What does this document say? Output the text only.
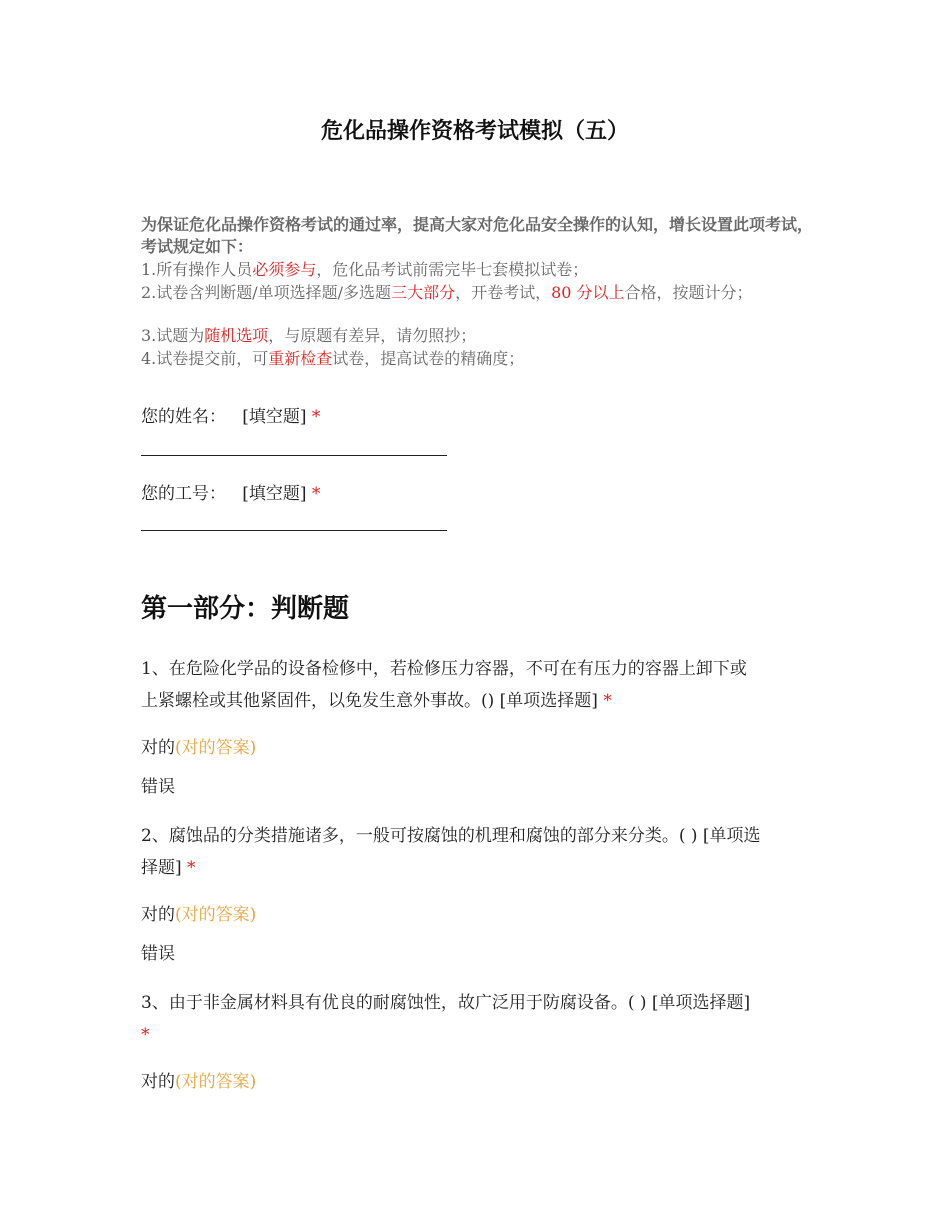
危化品操作资格考试模拟（五）
为保证危化品操作资格考试的通过率，提高大家对危化品安全操作的认知，增长设置此项考试，考试规定如下：
1.所有操作人员必须参与，危化品考试前需完毕七套模拟试卷；
2.试卷含判断题/单项选择题/多选题三大部分，开卷考试，80 分以上合格，按题计分；
3.试题为随机选项，与原题有差异，请勿照抄；
4.试卷提交前，可重新检查试卷，提高试卷的精确度；
您的姓名： [填空题] *
您的工号： [填空题] *
第一部分：判断题
1、在危险化学品的设备检修中，若检修压力容器，不可在有压力的容器上卸下或
上紧螺栓或其他紧固件，以免发生意外事故。() [单项选择题] *
对的(对的答案)
错误
2、腐蚀品的分类措施诸多，一般可按腐蚀的机理和腐蚀的部分来分类。( ) [单项选
择题] *
对的(对的答案)
错误
3、由于非金属材料具有优良的耐腐蚀性，故广泛用于防腐设备。( ) [单项选择题]
*
对的(对的答案)
